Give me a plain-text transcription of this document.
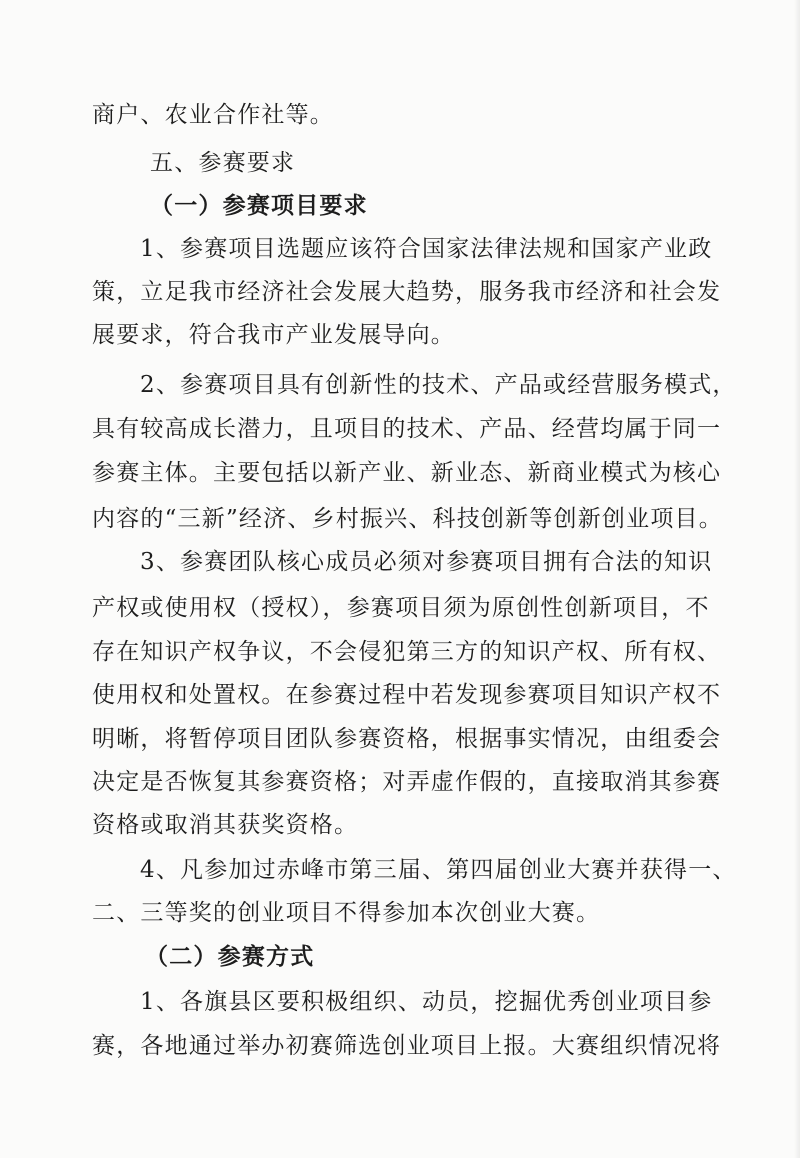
商户、农业合作社等。
五、参赛要求
（一）参赛项目要求
1、参赛项目选题应该符合国家法律法规和国家产业政
策，立足我市经济社会发展大趋势，服务我市经济和社会发
展要求，符合我市产业发展导向。
2、参赛项目具有创新性的技术、产品或经营服务模式，
具有较高成长潜力，且项目的技术、产品、经营均属于同一
参赛主体。主要包括以新产业、新业态、新商业模式为核心
内容的“三新”经济、乡村振兴、科技创新等创新创业项目。
3、参赛团队核心成员必须对参赛项目拥有合法的知识
产权或使用权（授权），参赛项目须为原创性创新项目，不
存在知识产权争议，不会侵犯第三方的知识产权、所有权、
使用权和处置权。在参赛过程中若发现参赛项目知识产权不
明晰，将暂停项目团队参赛资格，根据事实情况，由组委会
决定是否恢复其参赛资格；对弄虚作假的，直接取消其参赛
资格或取消其获奖资格。
4、凡参加过赤峰市第三届、第四届创业大赛并获得一、
二、三等奖的创业项目不得参加本次创业大赛。
（二）参赛方式
1、各旗县区要积极组织、动员，挖掘优秀创业项目参
赛，各地通过举办初赛筛选创业项目上报。大赛组织情况将
